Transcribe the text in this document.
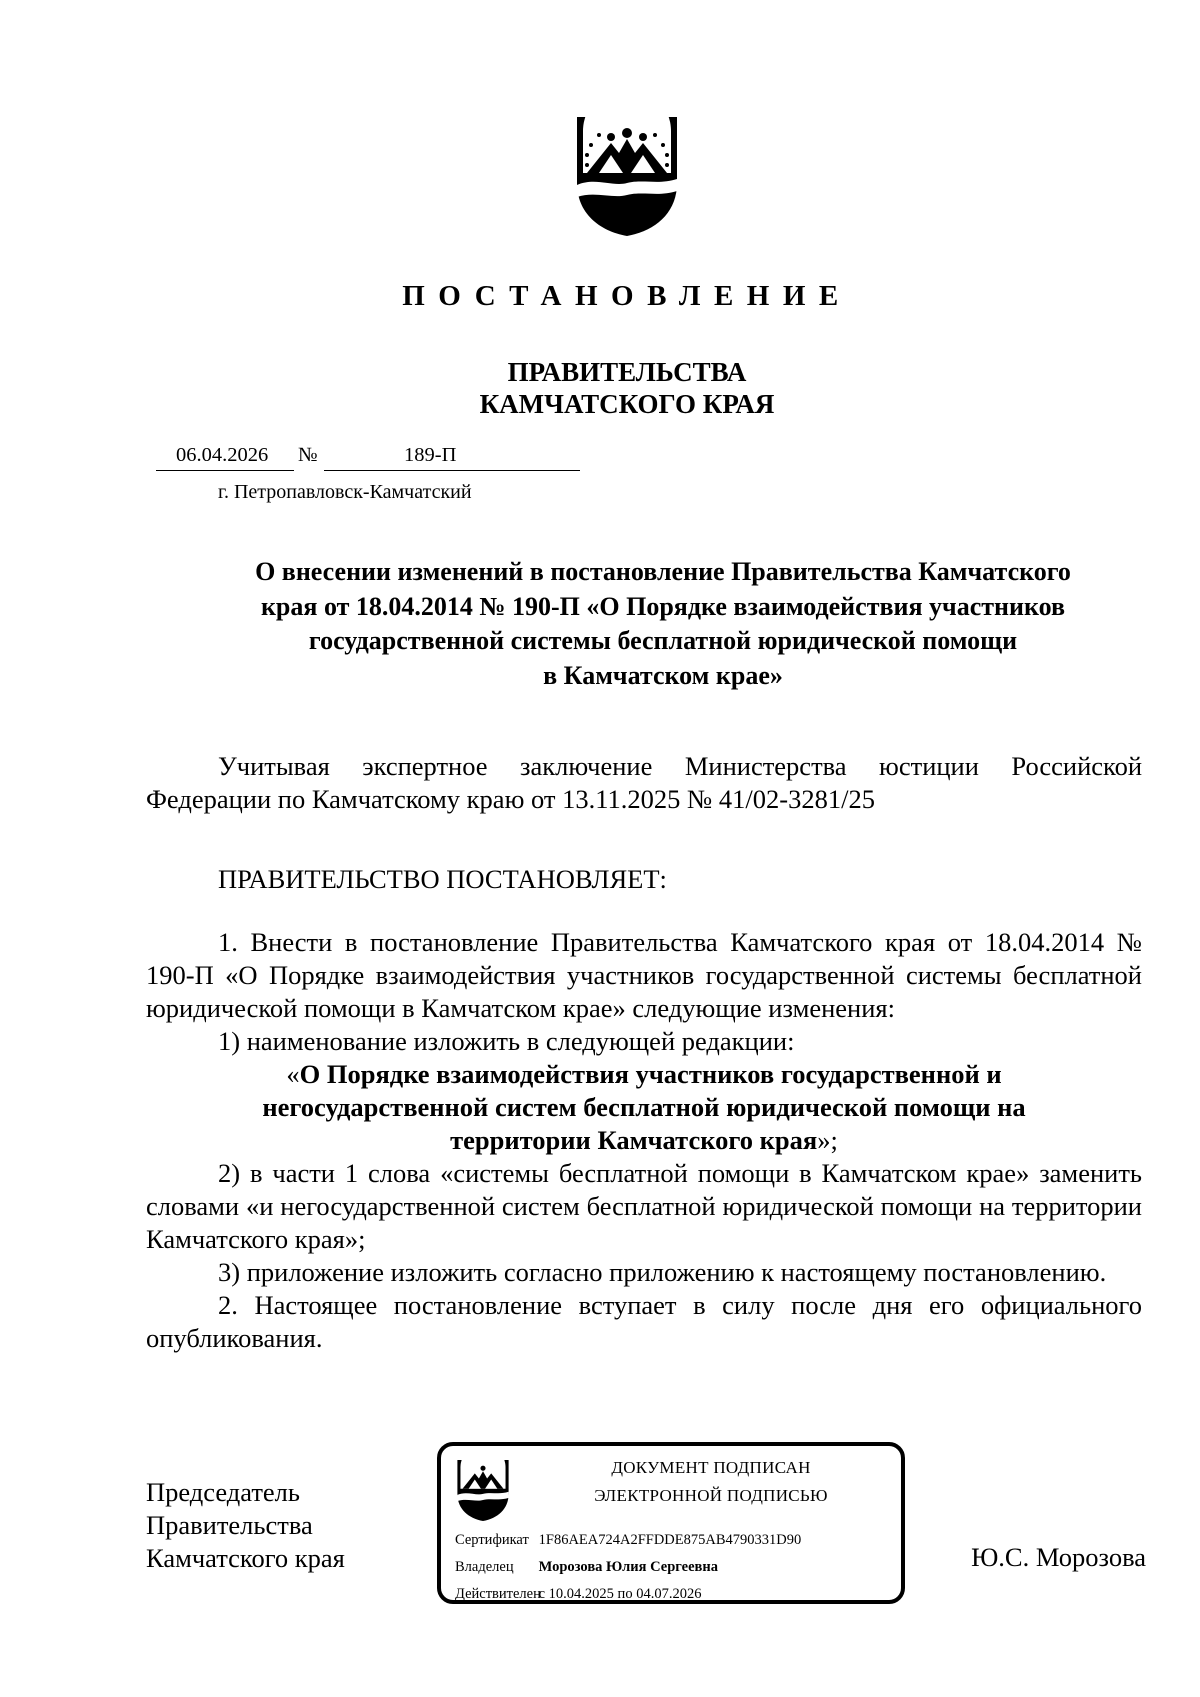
ПОСТАНОВЛЕНИЕ
ПРАВИТЕЛЬСТВА
КАМЧАТСКОГО КРАЯ
06.04.2026 №	189-П
г. Петропавловск-Камчатский
О внесении изменений в постановление Правительства Камчатского
края от 18.04.2014 № 190-П «О Порядке взаимодействия участников
государственной системы бесплатной юридической помощи
в Камчатском крае»

Учитывая экспертное заключение Министерства юстиции Российской Федерации по Камчатскому краю от 13.11.2025 № 41/02-3281/25

ПРАВИТЕЛЬСТВО ПОСТАНОВЛЯЕТ:

1. Внести в постановление Правительства Камчатского края от 18.04.2014 № 190-П «О Порядке взаимодействия участников государственной системы бесплатной юридической помощи в Камчатском крае» следующие изменения:

1) наименование изложить в следующей редакции:

«О Порядке взаимодействия участников государственной и
негосударственной систем бесплатной юридической помощи на
территории Камчатского края»;

2) в части 1 слова «системы бесплатной помощи в Камчатском крае» заменить словами «и негосударственной систем бесплатной юридической помощи на территории Камчатского края»;

3) приложение изложить согласно приложению к настоящему постановлению.

2. Настоящее постановление вступает в силу после дня его официального опубликования.

Председатель
Правительства
Камчатского края
ДОКУМЕНТ ПОДПИСАН
ЭЛЕКТРОННОЙ ПОДПИСЬЮ
Сертификат 1F86AEA724A2FFDDE875AB4790331D90
Владелец Морозова Юлия Сергеевна
Действителен с 10.04.2025 по 04.07.2026
Ю.С. Морозова
